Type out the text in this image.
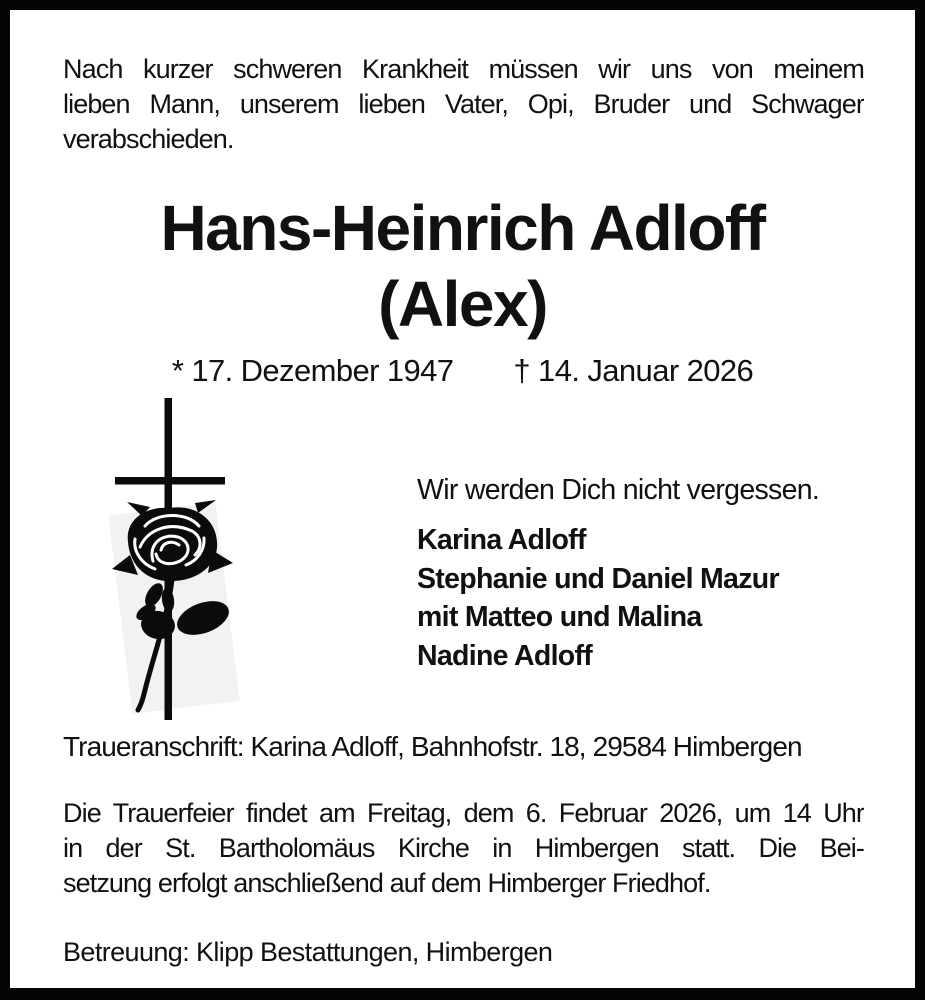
Nach kurzer schweren Krankheit müssen wir uns von meinem
lieben Mann, unserem lieben Vater, Opi, Bruder und Schwager
verabschieden.
Hans-Heinrich Adloff
(Alex)
* 17. Dezember 1947 † 14. Januar 2026
Wir werden Dich nicht vergessen.
Karina Adloff
Stephanie und Daniel Mazur
mit Matteo und Malina
Nadine Adloff
Traueranschrift: Karina Adloff, Bahnhofstr. 18, 29584 Himbergen
Die Trauerfeier findet am Freitag, dem 6. Februar 2026, um 14 Uhr
in der St. Bartholomäus Kirche in Himbergen statt. Die Bei-
setzung erfolgt anschließend auf dem Himberger Friedhof.
Betreuung: Klipp Bestattungen, Himbergen
